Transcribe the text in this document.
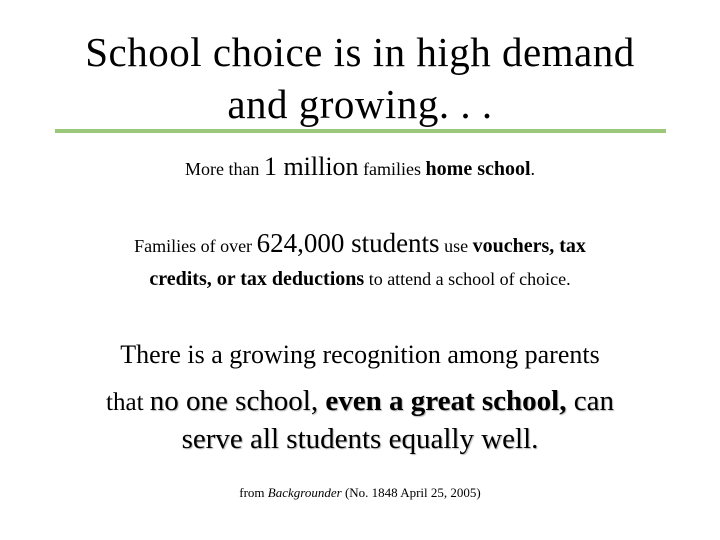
School choice is in high demand
and growing. . .
More than 1 million families home school.
Families of over 624,000 students use vouchers, tax
credits, or tax deductions to attend a school of choice.
There is a growing recognition among parents
that no one school, even a great school, can
serve all students equally well.
from Backgrounder (No. 1848 April 25, 2005)
